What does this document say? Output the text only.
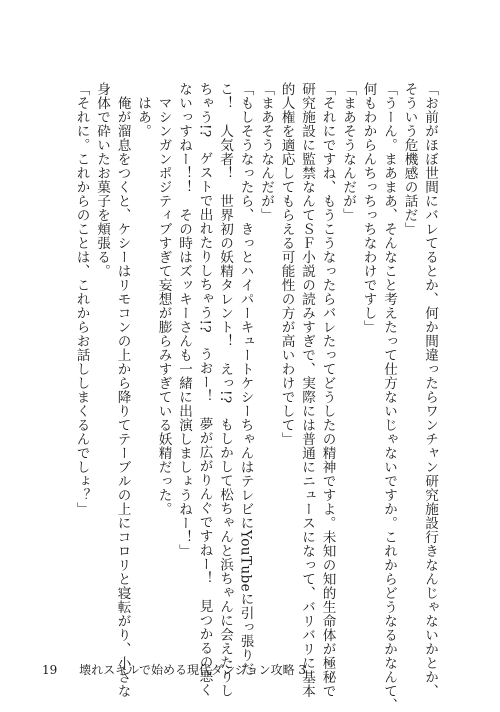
「お前がほぼ世間にバレてるとか、何か間違ったらワンチャン研究施設行きなんじゃないかとか、
そういう危機感の話だ」
「うーん。まあまあ、そんなこと考えたって仕方ないじゃないですか。これからどうなるかなんて、
何もわからんちっちっちなわけですし」
「まあそうなんだが」
「それにですね、もうこうなったらバレたってどうしたの精神ですよ。未知の知的生命体が極秘で
研究施設に監禁なんてＳＦ小説の読みすぎで、実際には普通にニュースになって、バリバリに基本
的人権を適応してもらえる可能性の方が高いわけでして」
「まあそうなんだが」
「もしそうなったら、きっとハイパーキュートケシーちゃんはテレビにYouTubeに引っ張りだ
こ！　人気者！　世界初の妖精タレント！　えっ!?　もしかして松ちゃんと浜ちゃんに会えたりし
ちゃう!?　ゲストで出れたりしちゃう!?　うおー！　夢が広がりんぐですねー！　見つかるの悪く
ないっすねー！！　その時はズッキーさんも一緒に出演しましょうねー！」
マシンガンポジティブすぎて妄想が膨らみすぎている妖精だった。
はあ。
俺が溜息をつくと、ケシーはリモコンの上から降りてテーブルの上にコロリと寝転がり、小さな
身体で砕いたお菓子を頬張る。
「それに。これからのことは、これからお話ししまくるんでしょ？」
19 壊れスキルで始める現代ダンジョン攻略 3
